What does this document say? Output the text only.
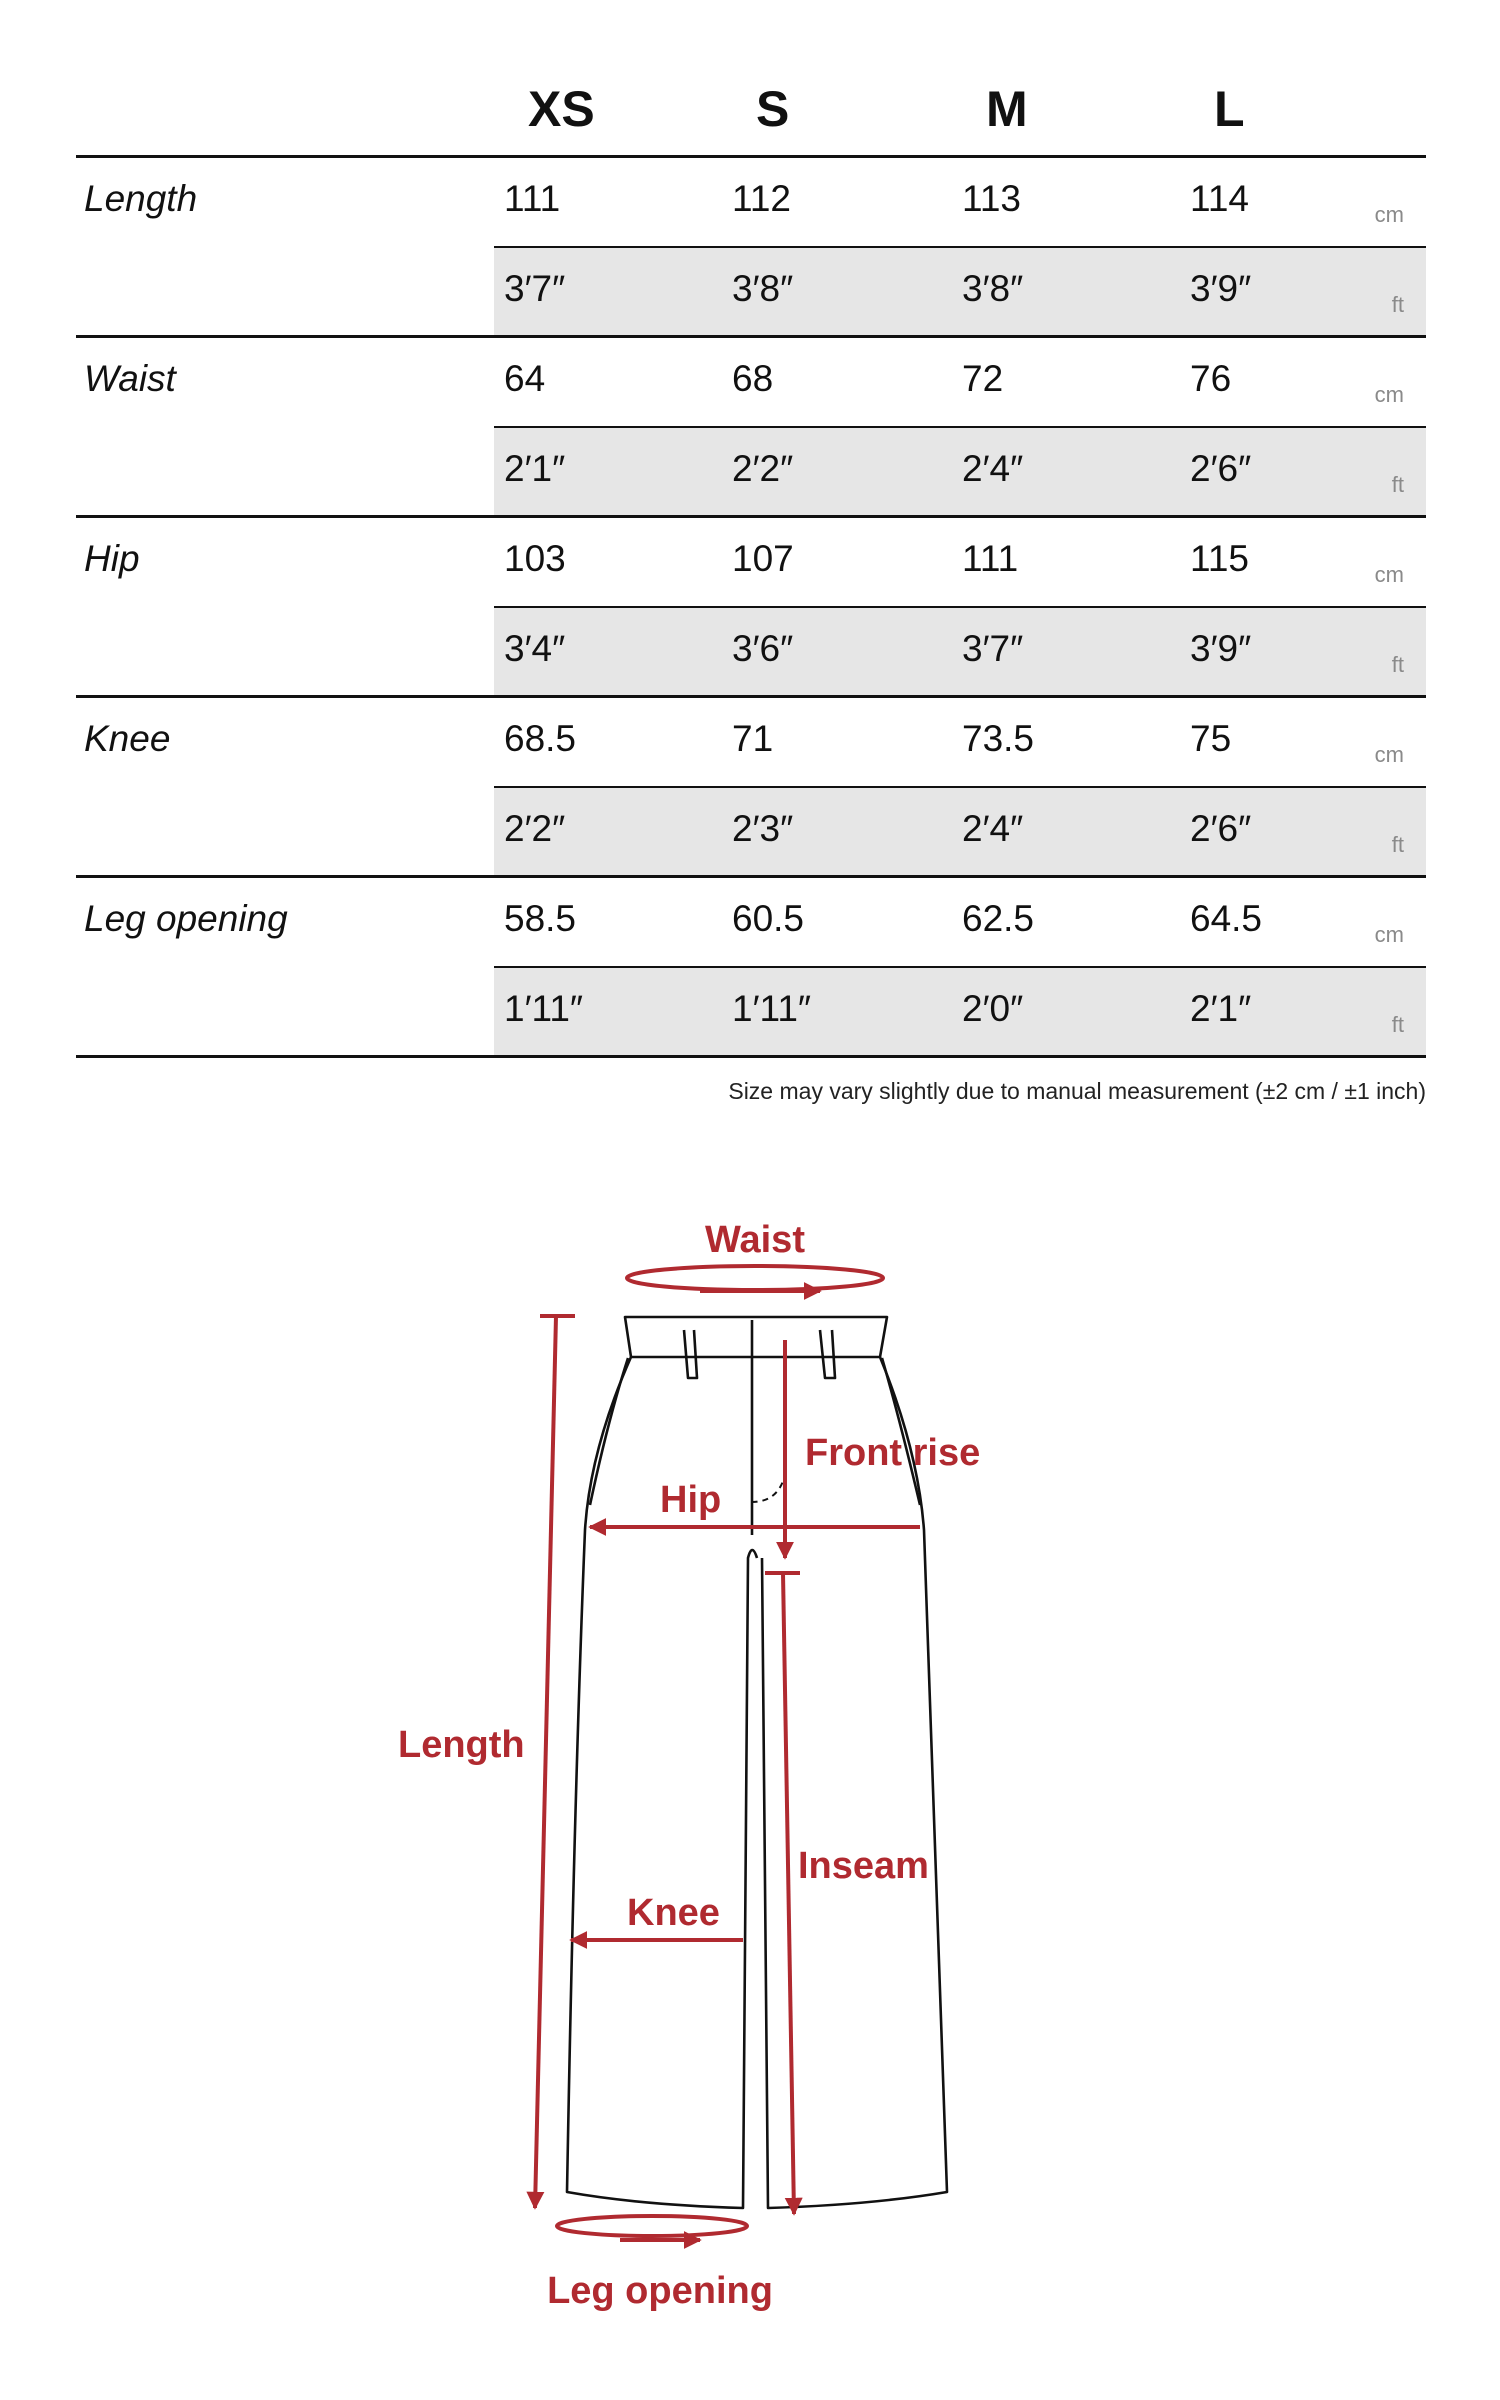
XS	S	M	L
Length	111	112	113	114	cm
3′7″	3′8″	3′8″	3′9″	ft
Waist	64	68	72	76	cm
2′1″	2′2″	2′4″	2′6″	ft
Hip	103	107	111	115	cm
3′4″	3′6″	3′7″	3′9″	ft
Knee	68.5	71	73.5	75	cm
2′2″	2′3″	2′4″	2′6″	ft
Leg opening	58.5	60.5	62.5	64.5	cm
1′11″	1′11″	2′0″	2′1″	ft
Size may vary slightly due to manual measurement (±2 cm / ±1 inch)
Waist
Front rise
Hip
Length
Inseam
Knee
Leg opening
